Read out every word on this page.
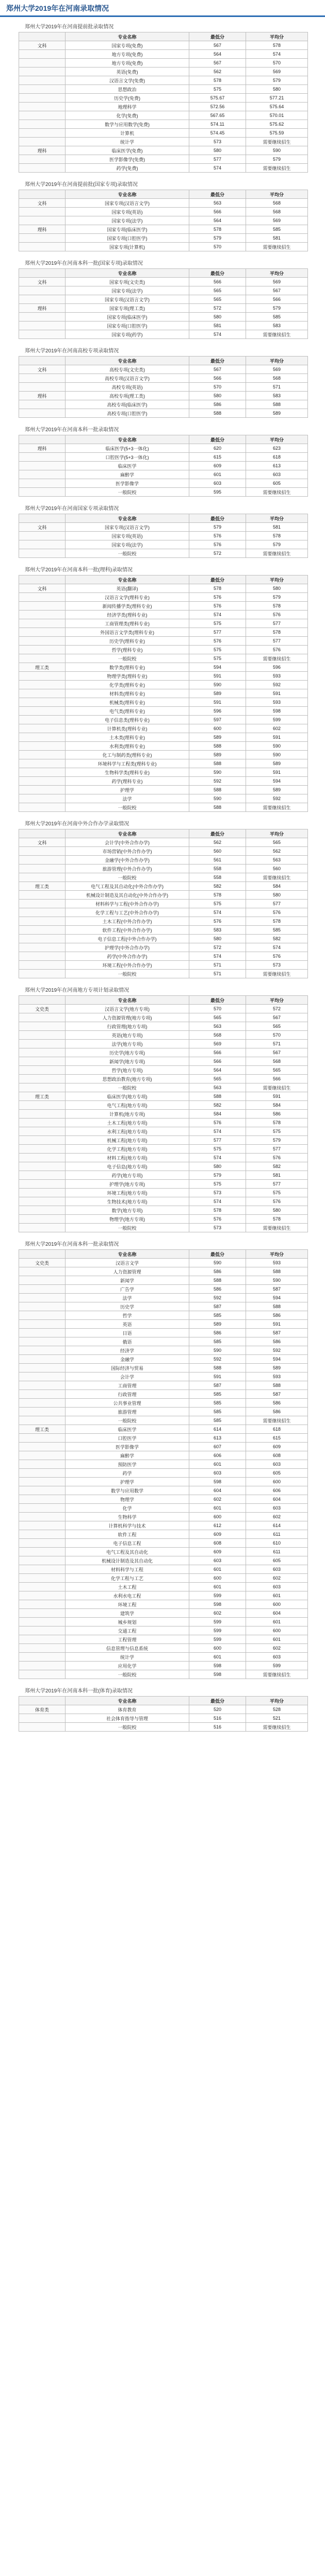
郑州大学2019年在河南录取情况
郑州大学2019年在河南提前批录取情况
	专业名称	最低分	平均分
文科	国家专项(免费)	567	578
	地方专项(免费)	564	574
	地方专项(免费)	567	570
	英语(免费)	562	569
	汉语言文学(免费)	578	579
	思想政治	575	580
	历史学(免费)	575.67	577.21
	地理科学	572.56	575.64
	化学(免费)	567.65	570.01
	数学与应用数学(免费)	574.11	575.62
	计算机	574.45	575.59
	统计学	573	需要继续招生
理科	临床医学(免费)	580	590
	医学影像学(免费)	577	579
	药学(免费)	574	需要继续招生
郑州大学2019年在河南提前批(国家专项)录取情况
	专业名称	最低分	平均分
文科	国家专项(汉语言文学)	563	568
	国家专项(英语)	566	568
	国家专项(法学)	564	569
理科	国家专项(临床医学)	578	585
	国家专项(口腔医学)	579	581
	国家专项(计算机)	570	需要继续招生
郑州大学2019年在河南本科一批(国家专项)录取情况
	专业名称	最低分	平均分
文科	国家专项(文史类)	566	569
	国家专项(法学)	565	567
	国家专项(汉语言文学)	565	566
理科	国家专项(理工类)	572	579
	国家专项(临床医学)	580	585
	国家专项(口腔医学)	581	583
	国家专项(药学)	574	需要继续招生
郑州大学2019年在河南高校专项录取情况
	专业名称	最低分	平均分
文科	高校专项(文史类)	567	569
	高校专项(汉语言文学)	566	568
	高校专项(英语)	570	571
理科	高校专项(理工类)	580	583
	高校专项(临床医学)	586	588
	高校专项(口腔医学)	588	589
郑州大学2019年在河南本科一批录取情况
	专业名称	最低分	平均分
理科	临床医学(5+3一体化)	620	623
	口腔医学(5+3一体化)	615	618
	临床医学	609	613
	麻醉学	601	603
	医学影像学	603	605
	一般院校	595	需要继续招生
郑州大学2019年在河南国家专项录取情况
	专业名称	最低分	平均分
文科	国家专项(汉语言文学)	579	581
	国家专项(英语)	576	578
	国家专项(法学)	576	579
	一般院校	572	需要继续招生
郑州大学2019年在河南本科一批(理科)录取情况
	专业名称	最低分	平均分
文科	英语(翻译)	578	580
	汉语言文学(理科专业)	576	579
	新闻传播学类(理科专业)	576	578
	经济学类(理科专业)	574	576
	工商管理类(理科专业)	575	577
	外国语言文学类(理科专业)	577	578
	历史学(理科专业)	576	577
	哲学(理科专业)	575	576
	一般院校	575	需要继续招生
理工类	数学类(理科专业)	594	596
	物理学类(理科专业)	591	593
	化学类(理科专业)	590	592
	材料类(理科专业)	589	591
	机械类(理科专业)	591	593
	电气类(理科专业)	596	598
	电子信息类(理科专业)	597	599
	计算机类(理科专业)	600	602
	土木类(理科专业)	589	591
	水利类(理科专业)	588	590
	化工与制药类(理科专业)	589	590
	环境科学与工程类(理科专业)	588	589
	生物科学类(理科专业)	590	591
	药学(理科专业)	592	594
	护理学	588	589
	法学	590	592
	一般院校	588	需要继续招生
郑州大学2019年在河南中外合作办学录取情况
	专业名称	最低分	平均分
文科	会计学(中外合作办学)	562	565
	市场营销(中外合作办学)	560	562
	金融学(中外合作办学)	561	563
	旅游管理(中外合作办学)	558	560
	一般院校	558	需要继续招生
理工类	电气工程及其自动化(中外合作办学)	582	584
	机械设计制造及其自动化(中外合作办学)	578	580
	材料科学与工程(中外合作办学)	575	577
	化学工程与工艺(中外合作办学)	574	576
	土木工程(中外合作办学)	576	578
	软件工程(中外合作办学)	583	585
	电子信息工程(中外合作办学)	580	582
	护理学(中外合作办学)	572	574
	药学(中外合作办学)	574	576
	环境工程(中外合作办学)	571	573
	一般院校	571	需要继续招生
郑州大学2019年在河南地方专项计划录取情况
	专业名称	最低分	平均分
文史类	汉语言文学(地方专项)	570	572
	人力资源管理(地方专项)	565	567
	行政管理(地方专项)	563	565
	英语(地方专项)	568	570
	法学(地方专项)	569	571
	历史学(地方专项)	566	567
	新闻学(地方专项)	566	568
	哲学(地方专项)	564	565
	思想政治教育(地方专项)	565	566
	一般院校	563	需要继续招生
理工类	临床医学(地方专项)	588	591
	电气工程(地方专项)	582	584
	计算机(地方专项)	584	586
	土木工程(地方专项)	576	578
	水利工程(地方专项)	574	575
	机械工程(地方专项)	577	579
	化学工程(地方专项)	575	577
	材料工程(地方专项)	574	576
	电子信息(地方专项)	580	582
	药学(地方专项)	579	581
	护理学(地方专项)	575	577
	环境工程(地方专项)	573	575
	生物技术(地方专项)	574	576
	数学(地方专项)	578	580
	物理学(地方专项)	576	578
	一般院校	573	需要继续招生
郑州大学2019年在河南本科一批录取情况
	专业名称	最低分	平均分
文史类	汉语言文学	590	593
	人力资源管理	586	588
	新闻学	588	590
	广告学	586	587
	法学	592	594
	历史学	587	588
	哲学	585	586
	英语	589	591
	日语	586	587
	俄语	585	586
	经济学	590	592
	金融学	592	594
	国际经济与贸易	588	589
	会计学	591	593
	工商管理	587	588
	行政管理	585	587
	公共事业管理	585	586
	旅游管理	585	586
	一般院校	585	需要继续招生
理工类	临床医学	614	618
	口腔医学	613	615
	医学影像学	607	609
	麻醉学	606	608
	预防医学	601	603
	药学	603	605
	护理学	598	600
	数学与应用数学	604	606
	物理学	602	604
	化学	601	603
	生物科学	600	602
	计算机科学与技术	612	614
	软件工程	609	611
	电子信息工程	608	610
	电气工程及其自动化	609	611
	机械设计制造及其自动化	603	605
	材料科学与工程	601	603
	化学工程与工艺	600	602
	土木工程	601	603
	水利水电工程	599	601
	环境工程	598	600
	建筑学	602	604
	城乡规划	599	601
	交通工程	599	600
	工程管理	599	601
	信息管理与信息系统	600	602
	统计学	601	603
	应用化学	598	599
	一般院校	598	需要继续招生
郑州大学2019年在河南本科一批(体育)录取情况
	专业名称	最低分	平均分
体育类	体育教育	520	528
	社会体育指导与管理	516	521
	一般院校	516	需要继续招生
